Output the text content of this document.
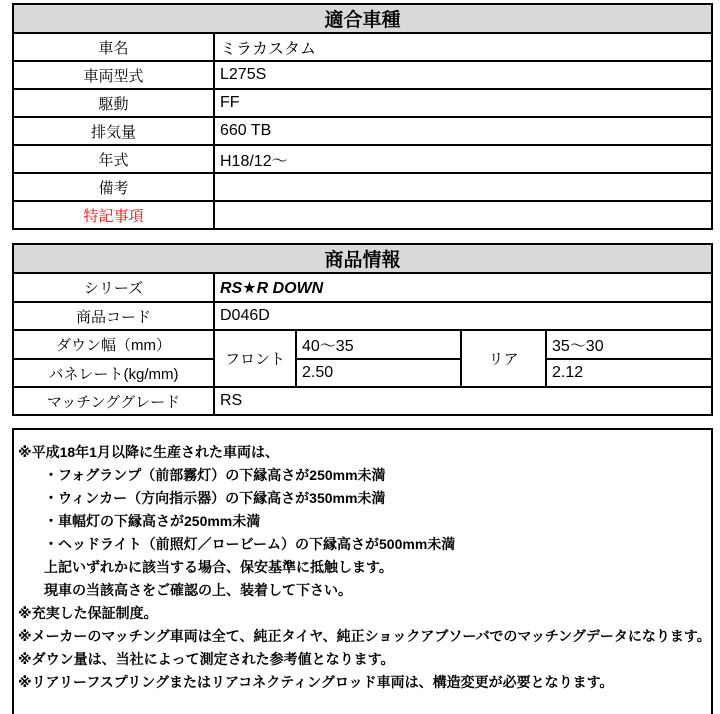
適合車種	
車名	ミラカスタム
車両型式	L275S
駆動	FF
排気量	660 TB
年式	H18/12～
備考	
特記事項	
商品情報				
シリーズ	RS★R DOWN			
商品コード	D046D			
ダウン幅（mm）	フロント	40～35	リア	35～30
バネレート(kg/mm)		2.50		2.12
マッチンググレード	RS			
※平成18年1月以降に生産された車両は、
・フォグランプ（前部霧灯）の下縁高さが250mm未満
・ウィンカー（方向指示器）の下縁高さが350mm未満
・車幅灯の下縁高さが250mm未満
・ヘッドライト（前照灯／ロービーム）の下縁高さが500mm未満
上記いずれかに該当する場合、保安基準に抵触します。
現車の当該高さをご確認の上、装着して下さい。
※充実した保証制度。
※メーカーのマッチング車両は全て、純正タイヤ、純正ショックアブソーバでのマッチングデータになります。
※ダウン量は、当社によって測定された参考値となります。
※リアリーフスプリングまたはリアコネクティングロッド車両は、構造変更が必要となります。
